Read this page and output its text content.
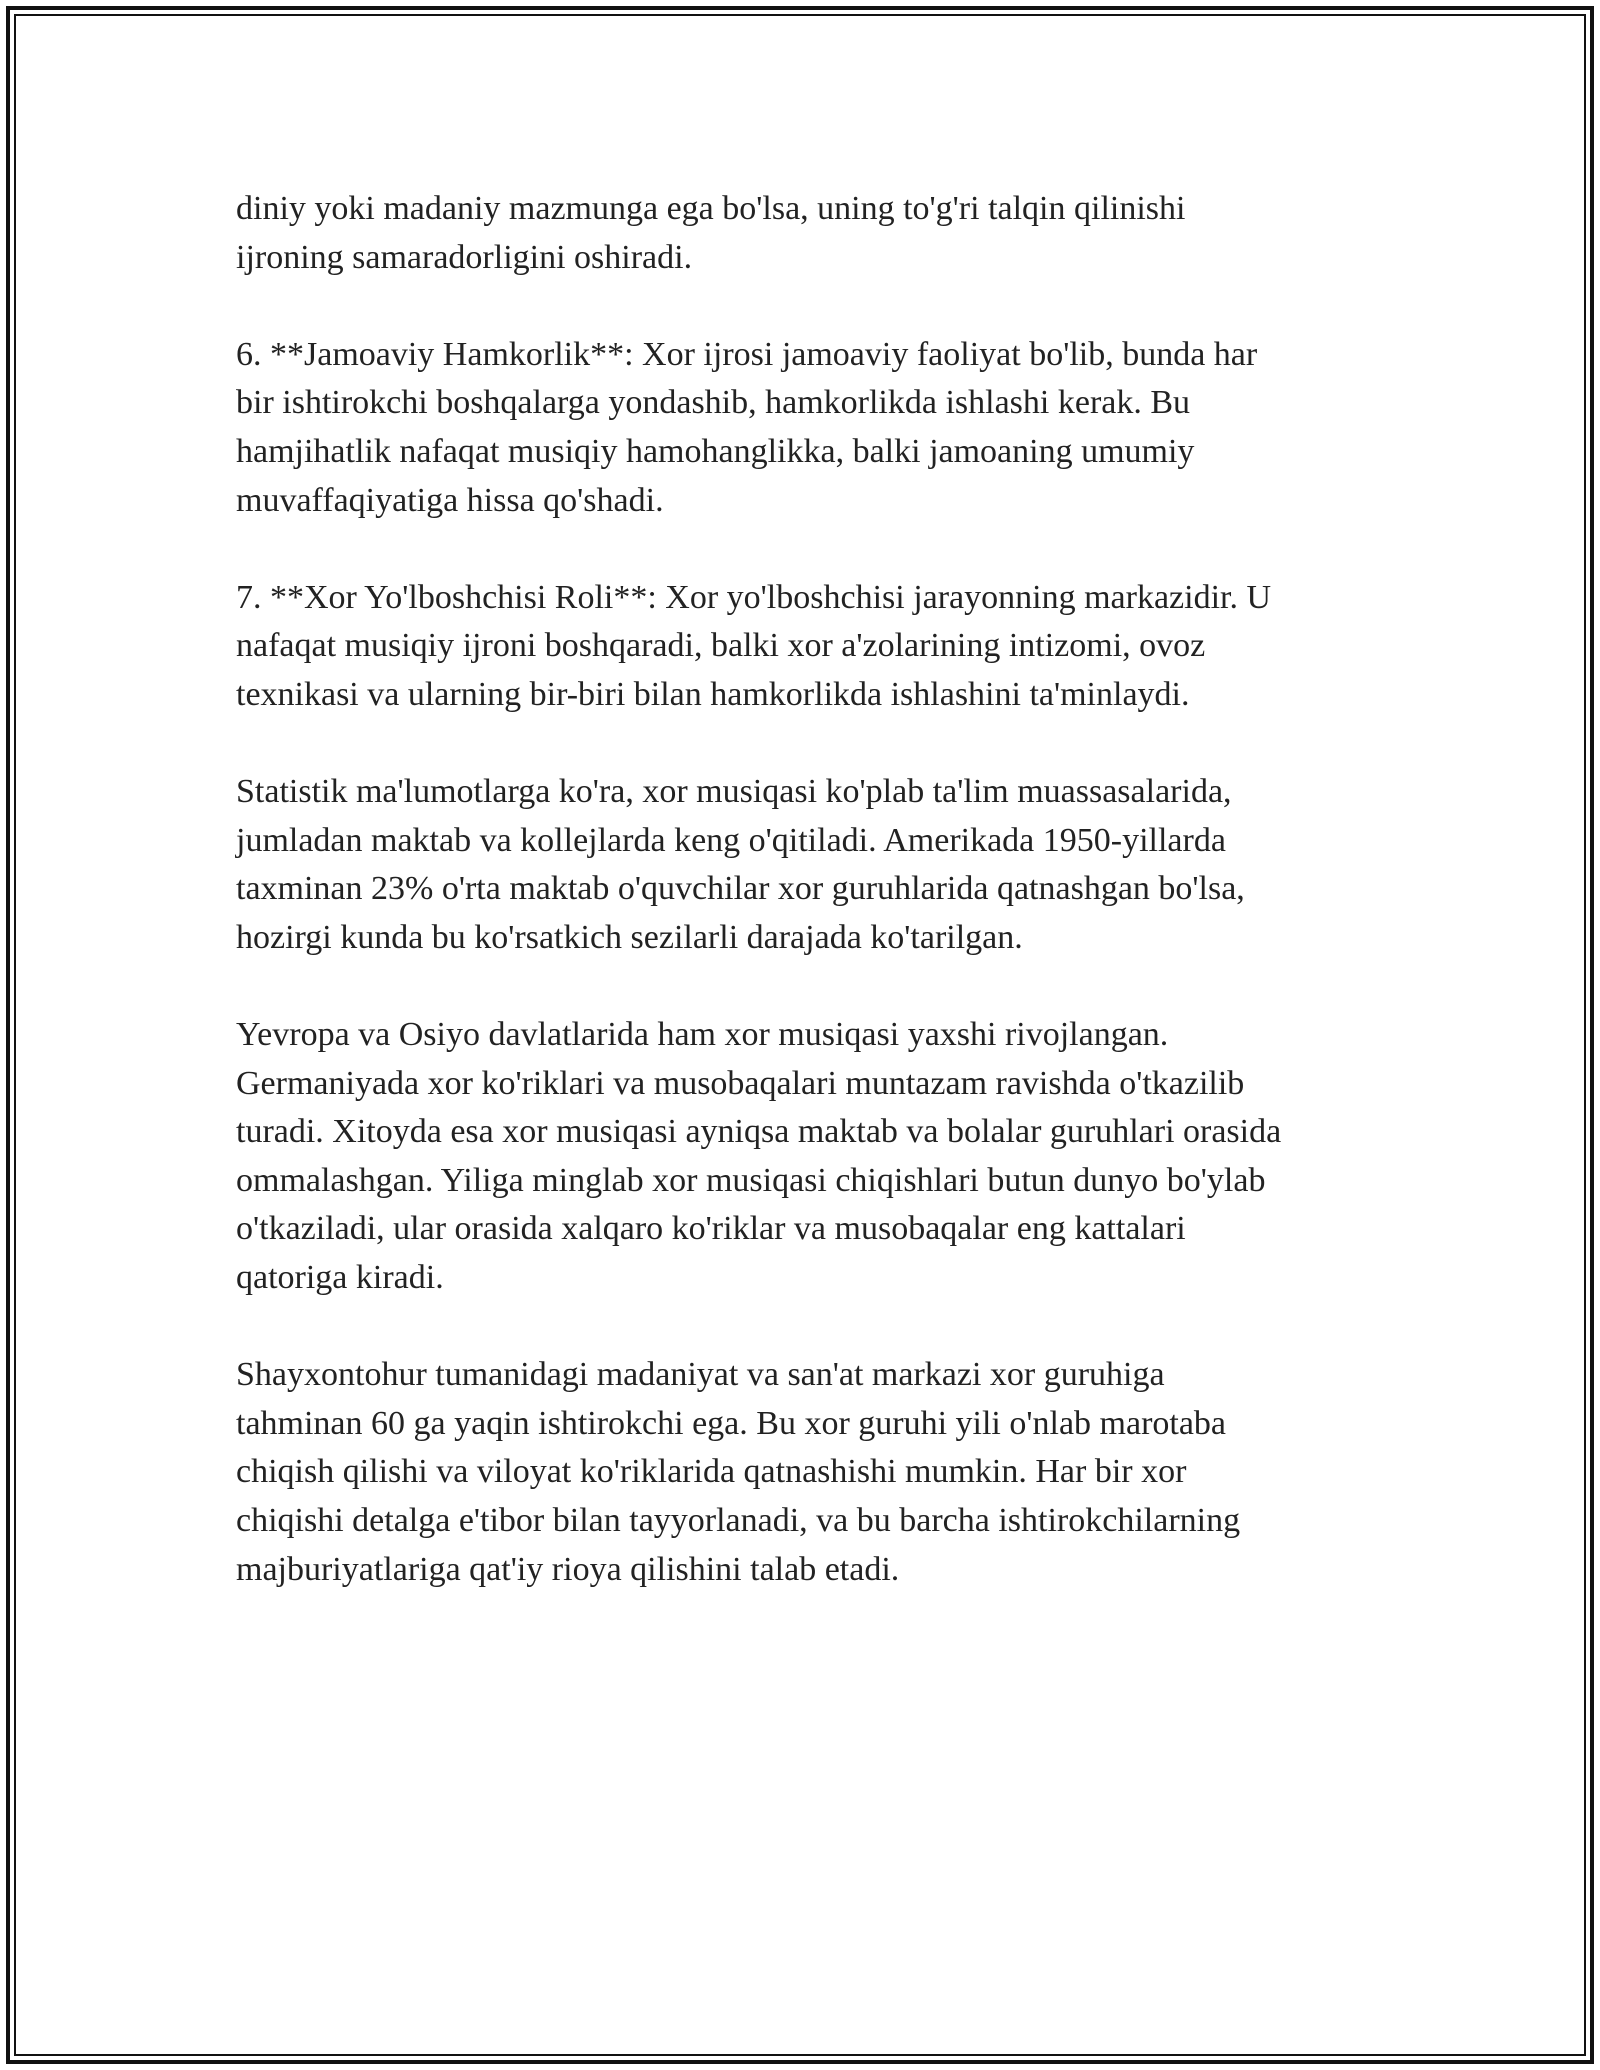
diniy yoki madaniy mazmunga ega bo'lsa, uning to'g'ri talqin qilinishi
ijroning samaradorligini oshiradi.

6. **Jamoaviy Hamkorlik**: Xor ijrosi jamoaviy faoliyat bo'lib, bunda har
bir ishtirokchi boshqalarga yondashib, hamkorlikda ishlashi kerak. Bu
hamjihatlik nafaqat musiqiy hamohanglikka, balki jamoaning umumiy
muvaffaqiyatiga hissa qo'shadi.

7. **Xor Yo'lboshchisi Roli**: Xor yo'lboshchisi jarayonning markazidir. U
nafaqat musiqiy ijroni boshqaradi, balki xor a'zolarining intizomi, ovoz
texnikasi va ularning bir-biri bilan hamkorlikda ishlashini ta'minlaydi.

Statistik ma'lumotlarga ko'ra, xor musiqasi ko'plab ta'lim muassasalarida,
jumladan maktab va kollejlarda keng o'qitiladi. Amerikada 1950-yillarda
taxminan 23% o'rta maktab o'quvchilar xor guruhlarida qatnashgan bo'lsa,
hozirgi kunda bu ko'rsatkich sezilarli darajada ko'tarilgan.

Yevropa va Osiyo davlatlarida ham xor musiqasi yaxshi rivojlangan.
Germaniyada xor ko'riklari va musobaqalari muntazam ravishda o'tkazilib
turadi. Xitoyda esa xor musiqasi ayniqsa maktab va bolalar guruhlari orasida
ommalashgan. Yiliga minglab xor musiqasi chiqishlari butun dunyo bo'ylab
o'tkaziladi, ular orasida xalqaro ko'riklar va musobaqalar eng kattalari
qatoriga kiradi.

Shayxontohur tumanidagi madaniyat va san'at markazi xor guruhiga
tahminan 60 ga yaqin ishtirokchi ega. Bu xor guruhi yili o'nlab marotaba
chiqish qilishi va viloyat ko'riklarida qatnashishi mumkin. Har bir xor
chiqishi detalga e'tibor bilan tayyorlanadi, va bu barcha ishtirokchilarning
majburiyatlariga qat'iy rioya qilishini talab etadi.
